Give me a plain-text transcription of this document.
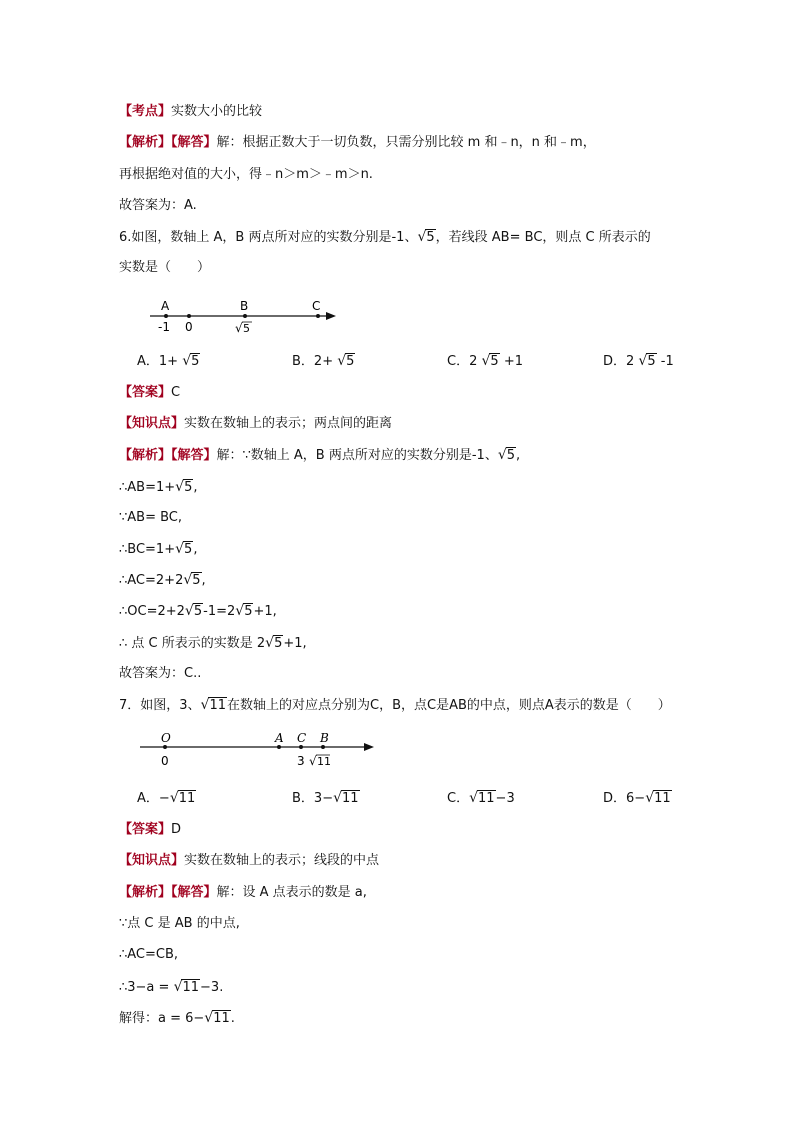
【考点】实数大小的比较
【解析】【解答】解：根据正数大于一切负数，只需分别比较 m 和﹣n，n 和﹣m，
再根据绝对值的大小，得﹣n＞m＞﹣m＞n.
故答案为：A.
6.如图，数轴上 A，B 两点所对应的实数分别是-1、√5，若线段 AB= BC，则点 C 所表示的
实数是（　　）
A	B	C
-1 0	√ 5
A．1+ √5	B．2+ √5	C．2 √5 +1	D．2 √5 -1
【答案】C
【知识点】实数在数轴上的表示；两点间的距离
【解析】【解答】解：∵数轴上 A，B 两点所对应的实数分别是-1、√5,
∴AB=1+√5,
∵AB= BC,
∴BC=1+√5,
∴AC=2+2√5,
∴OC=2+2√5-1=2√5+1,
∴ 点 C 所表示的实数是 2√5+1,
故答案为：C..
7．如图，3、√11在数轴上的对应点分别为C，B，点C是AB的中点，则点A表示的数是（　　）
O	A C B
0	3 √ 11
A．−√11	B．3−√11	C．√11−3	D．6−√11
【答案】D
【知识点】实数在数轴上的表示；线段的中点
【解析】【解答】解：设 A 点表示的数是 a,
∵点 C 是 AB 的中点,
∴AC=CB,
∴3−a = √11−3.
解得：a = 6−√11.
